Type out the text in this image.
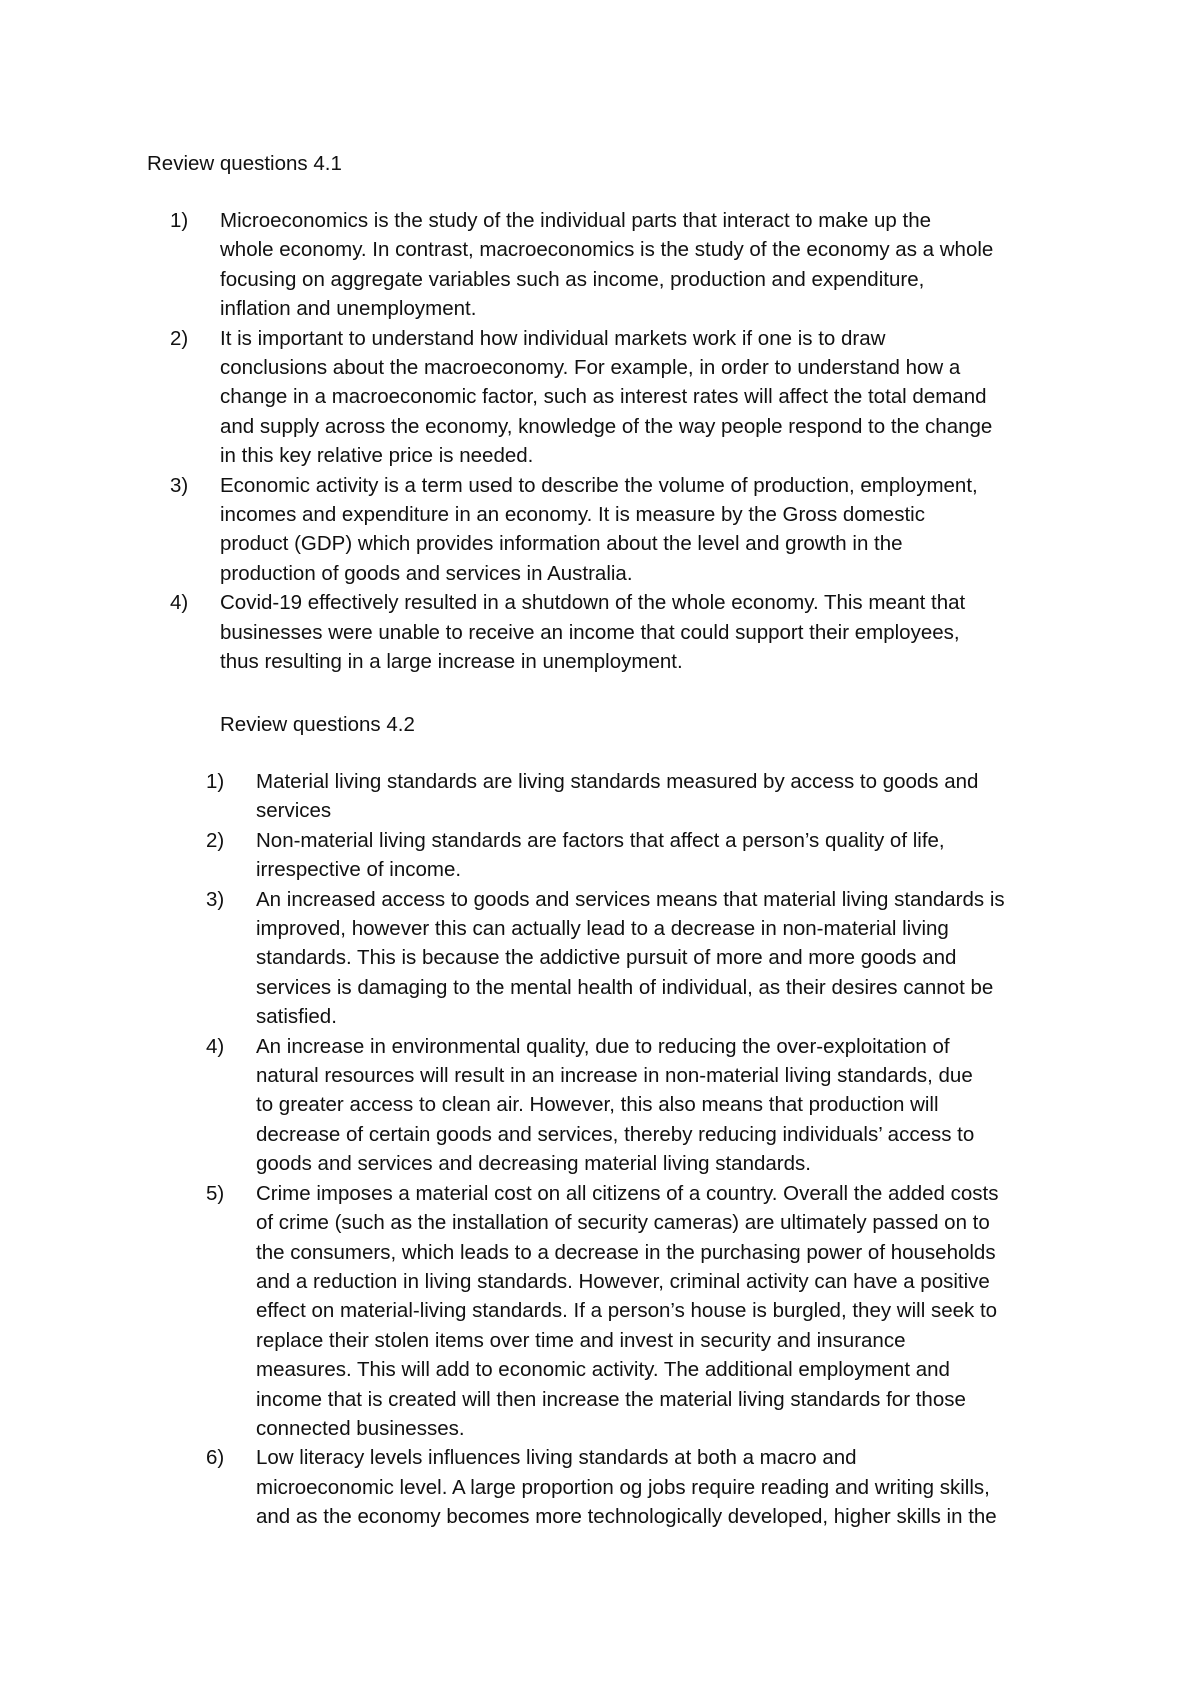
Review questions 4.1
1) Microeconomics is the study of the individual parts that interact to make up the
whole economy. In contrast, macroeconomics is the study of the economy as a whole
focusing on aggregate variables such as income, production and expenditure,
inflation and unemployment.
2) It is important to understand how individual markets work if one is to draw
conclusions about the macroeconomy. For example, in order to understand how a
change in a macroeconomic factor, such as interest rates will affect the total demand
and supply across the economy, knowledge of the way people respond to the change
in this key relative price is needed.
3) Economic activity is a term used to describe the volume of production, employment,
incomes and expenditure in an economy. It is measure by the Gross domestic
product (GDP) which provides information about the level and growth in the
production of goods and services in Australia.
4) Covid-19 effectively resulted in a shutdown of the whole economy. This meant that
businesses were unable to receive an income that could support their employees,
thus resulting in a large increase in unemployment.
Review questions 4.2
1) Material living standards are living standards measured by access to goods and
services
2) Non-material living standards are factors that affect a person’s quality of life,
irrespective of income.
3) An increased access to goods and services means that material living standards is
improved, however this can actually lead to a decrease in non-material living
standards. This is because the addictive pursuit of more and more goods and
services is damaging to the mental health of individual, as their desires cannot be
satisfied.
4) An increase in environmental quality, due to reducing the over-exploitation of
natural resources will result in an increase in non-material living standards, due
to greater access to clean air. However, this also means that production will
decrease of certain goods and services, thereby reducing individuals’ access to
goods and services and decreasing material living standards.
5) Crime imposes a material cost on all citizens of a country. Overall the added costs
of crime (such as the installation of security cameras) are ultimately passed on to
the consumers, which leads to a decrease in the purchasing power of households
and a reduction in living standards. However, criminal activity can have a positive
effect on material-living standards. If a person’s house is burgled, they will seek to
replace their stolen items over time and invest in security and insurance
measures. This will add to economic activity. The additional employment and
income that is created will then increase the material living standards for those
connected businesses.
6) Low literacy levels influences living standards at both a macro and
microeconomic level. A large proportion og jobs require reading and writing skills,
and as the economy becomes more technologically developed, higher skills in the
